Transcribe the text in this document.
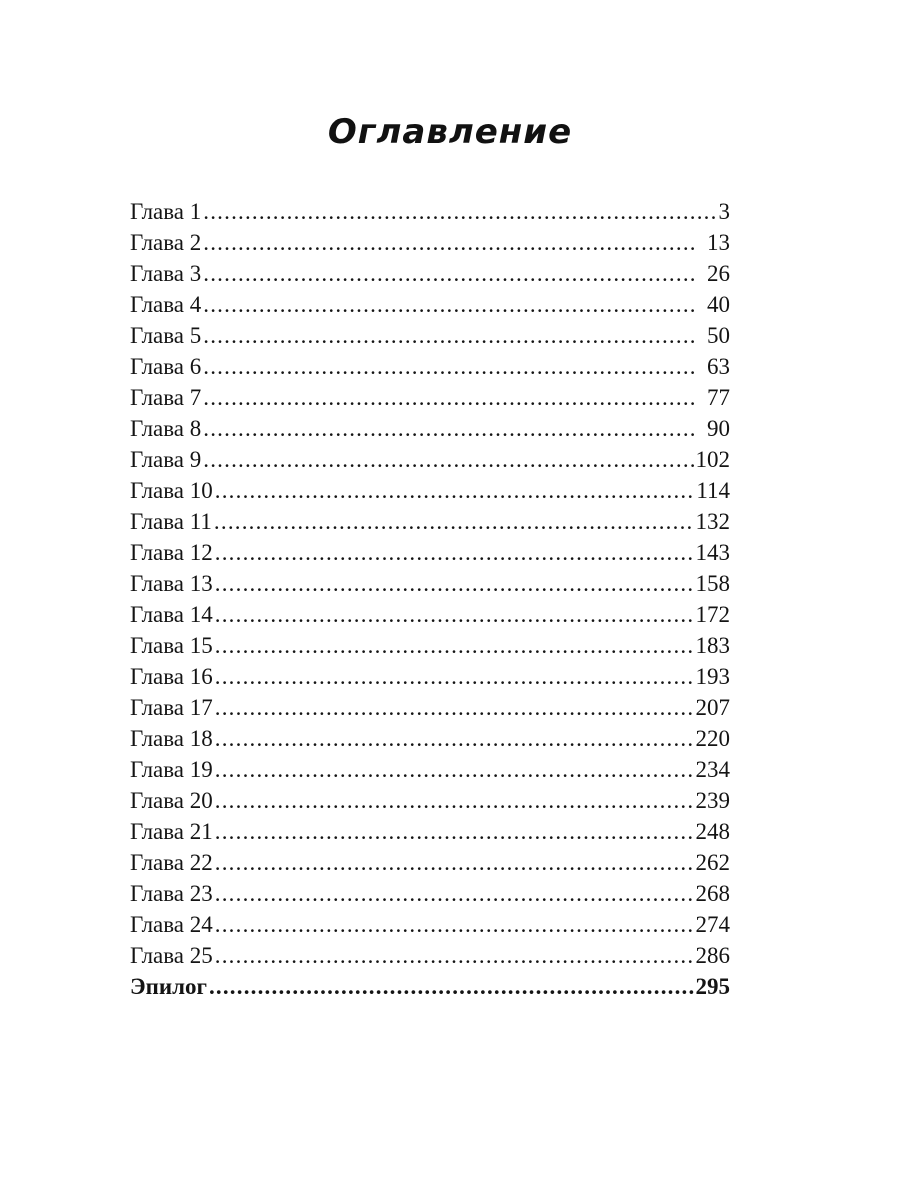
Оглавление
Глава 1 .....	3
Глава 2 .....	13
Глава 3 .....	26
Глава 4 .....	40
Глава 5 .....	50
Глава 6 .....	63
Глава 7 .....	77
Глава 8 .....	90
Глава 9 .....	102
Глава 10 .....	114
Глава 11 .....	132
Глава 12 .....	143
Глава 13 .....	158
Глава 14 .....	172
Глава 15 .....	183
Глава 16 .....	193
Глава 17 .....	207
Глава 18 .....	220
Глава 19 .....	234
Глава 20 .....	239
Глава 21 .....	248
Глава 22 .....	262
Глава 23 .....	268
Глава 24 .....	274
Глава 25 .....	286
Эпилог .....	295
